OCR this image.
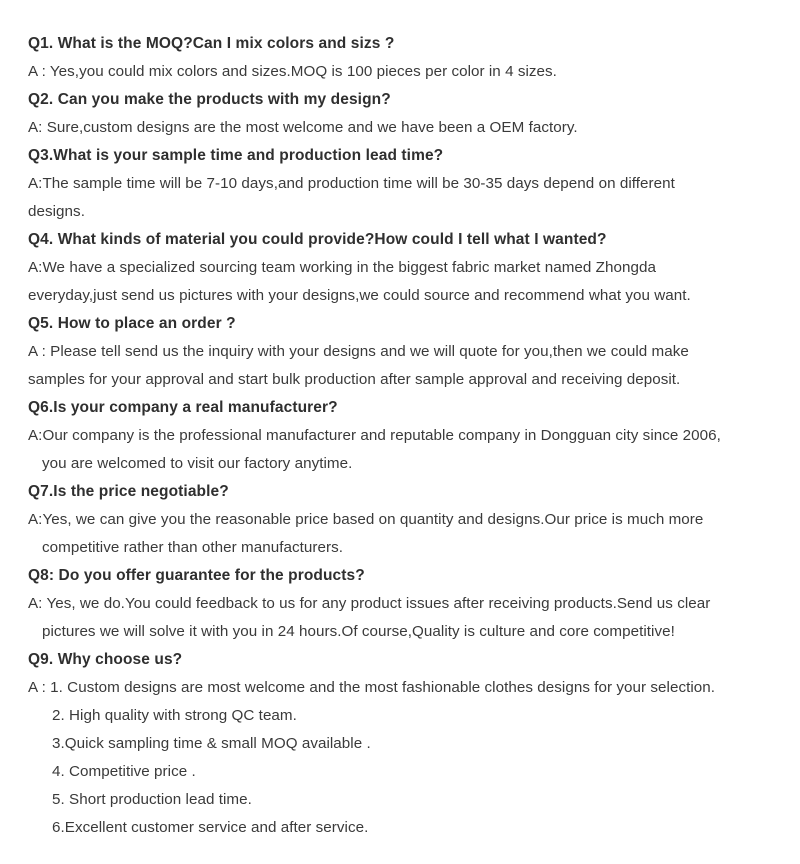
Q1. What is the MOQ?Can I mix colors and sizs ?
A : Yes,you could mix colors and sizes.MOQ is 100 pieces per color in 4 sizes.
Q2. Can you make the products with my design?
A: Sure,custom designs are the most welcome and we have been a OEM factory.
Q3.What is your sample time and production lead time?
A:The sample time will be 7-10 days,and production time will be 30-35 days depend on different
designs.
Q4. What kinds of material you could provide?How could I tell what I wanted?
A:We have a specialized sourcing team working in the biggest fabric market named Zhongda
everyday,just send us pictures with your designs,we could source and recommend what you want.
Q5. How to place an order ?
A : Please tell send us the inquiry with your designs and we will quote for you,then we could make
samples for your approval and start bulk production after sample approval and receiving deposit.
Q6.Is your company a real manufacturer?
A:Our company is the professional manufacturer and reputable company in Dongguan city since 2006,
you are welcomed to visit our factory anytime.
Q7.Is the price negotiable?
A:Yes, we can give you the reasonable price based on quantity and designs.Our price is much more
competitive rather than other manufacturers.
Q8: Do you offer guarantee for the products?
A: Yes, we do.You could feedback to us for any product issues after receiving products.Send us clear
pictures we will solve it with you in 24 hours.Of course,Quality is culture and core competitive!
Q9. Why choose us?
A : 1. Custom designs are most welcome and the most fashionable clothes designs for your selection.
2. High quality with strong QC team.
3.Quick sampling time & small MOQ available .
4. Competitive price .
5. Short production lead time.
6.Excellent customer service and after service.
